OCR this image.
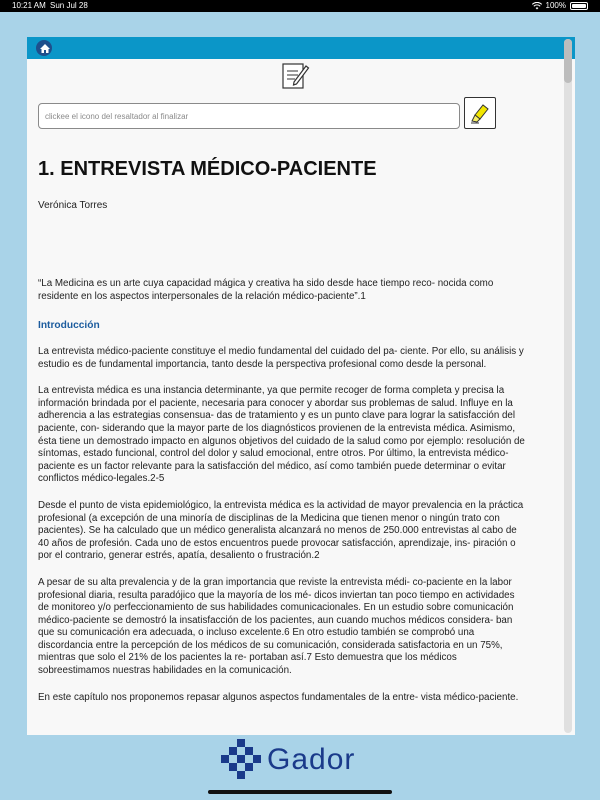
10:21 AM Sun Jul 28	100%
clickee el icono del resaltador al finalizar
1. ENTREVISTA MÉDICO-PACIENTE

Verónica Torres

“La Medicina es un arte cuya capacidad mágica y creativa ha sido desde hace tiempo reco- nocida como residente en los aspectos interpersonales de la relación médico-paciente”.1

Introducción

La entrevista médico-paciente constituye el medio fundamental del cuidado del pa- ciente. Por ello, su análisis y estudio es de fundamental importancia, tanto desde la perspectiva profesional como desde la personal.

La entrevista médica es una instancia determinante, ya que permite recoger de forma completa y precisa la información brindada por el paciente, necesaria para conocer y abordar sus problemas de salud. Influye en la adherencia a las estrategias consensua- das de tratamiento y es un punto clave para lograr la satisfacción del paciente, con- siderando que la mayor parte de los diagnósticos provienen de la entrevista médica. Asimismo, ésta tiene un demostrado impacto en algunos objetivos del cuidado de la salud como por ejemplo: resolución de síntomas, estado funcional, control del dolor y salud emocional, entre otros. Por último, la entrevista médico-paciente es un factor relevante para la satisfacción del médico, así como también puede determinar o evitar conflictos médico-legales.2-5

Desde el punto de vista epidemiológico, la entrevista médica es la actividad de mayor prevalencia en la práctica profesional (a excepción de una minoría de disciplinas de la Medicina que tienen menor o ningún trato con pacientes). Se ha calculado que un médico generalista alcanzará no menos de 250.000 entrevistas al cabo de 40 años de profesión. Cada uno de estos encuentros puede provocar satisfacción, aprendizaje, ins- piración o por el contrario, generar estrés, apatía, desaliento o frustración.2

A pesar de su alta prevalencia y de la gran importancia que reviste la entrevista médi- co-paciente en la labor profesional diaria, resulta paradójico que la mayoría de los mé- dicos inviertan tan poco tiempo en actividades de monitoreo y/o perfeccionamiento de sus habilidades comunicacionales. En un estudio sobre comunicación médico-paciente se demostró la insatisfacción de los pacientes, aun cuando muchos médicos considera- ban que su comunicación era adecuada, o incluso excelente.6 En otro estudio también se comprobó una discordancia entre la percepción de los médicos de su comunicación, considerada satisfactoria en un 75%, mientras que solo el 21% de los pacientes la re- portaban así.7 Esto demuestra que los médicos sobreestimamos nuestras habilidades en la comunicación.

En este capítulo nos proponemos repasar algunos aspectos fundamentales de la entre- vista médico-paciente.

Gador
